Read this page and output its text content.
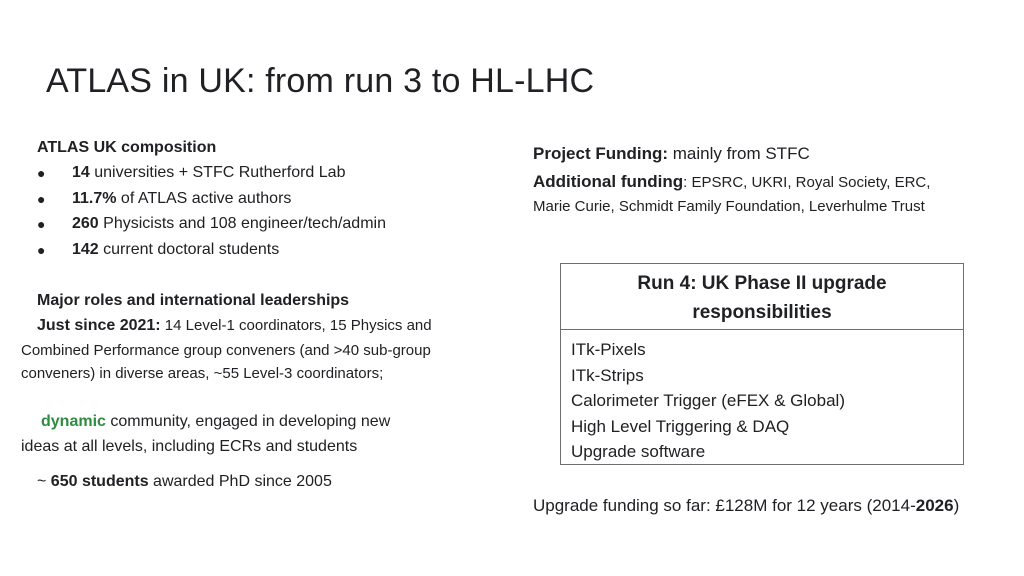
ATLAS in UK: from run 3 to HL-LHC
ATLAS UK composition
● 14 universities + STFC Rutherford Lab
● 11.7% of ATLAS active authors
● 260 Physicists and 108 engineer/tech/admin
● 142 current doctoral students
Major roles and international leaderships
Just since 2021: 14 Level-1 coordinators, 15 Physics and
Combined Performance group conveners (and >40 sub-group
conveners) in diverse areas, ~55 Level-3 coordinators;
dynamic community, engaged in developing new
ideas at all levels, including ECRs and students
~ 650 students awarded PhD since 2005
Project Funding: mainly from STFC
Additional funding: EPSRC, UKRI, Royal Society, ERC,
Marie Curie, Schmidt Family Foundation, Leverhulme Trust
Run 4: UK Phase II upgrade
responsibilities
ITk-Pixels
ITk-Strips
Calorimeter Trigger (eFEX & Global)
High Level Triggering & DAQ
Upgrade software
Upgrade funding so far: £128M for 12 years (2014-2026)
